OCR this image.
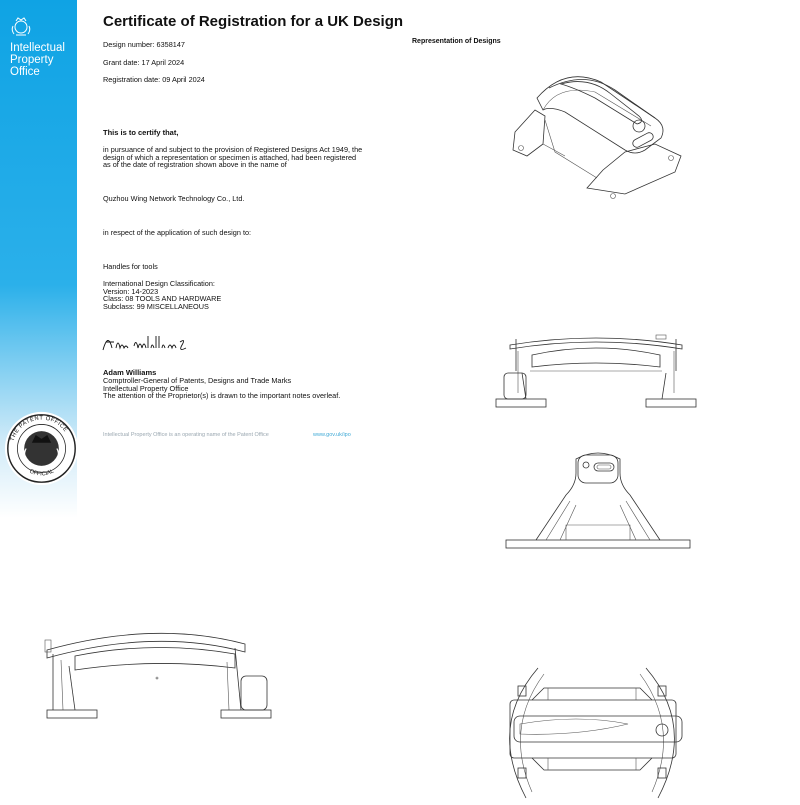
Intellectual
Property
Office
THE PATENT OFFICE
OFFICIAL
Certificate of Registration for a UK Design
Design number: 6358147
Grant date: 17 April 2024
Registration date: 09 April 2024
Representation of Designs
This is to certify that,
in pursuance of and subject to the provision of Registered Designs Act 1949, the
design of which a representation or specimen is attached, had been registered
as of the date of registration shown above in the name of
Quzhou Wing Network Technology Co., Ltd.
in respect of the application of such design to:
Handles for tools
International Design Classification:
Version: 14-2023
Class: 08 TOOLS AND HARDWARE
Subclass: 99 MISCELLANEOUS
Adam Williams
Comptroller-General of Patents, Designs and Trade Marks
Intellectual Property Office
The attention of the Proprietor(s) is drawn to the important notes overleaf.
Intellectual Property Office is an operating name of the Patent Office	www.gov.uk/ipo
